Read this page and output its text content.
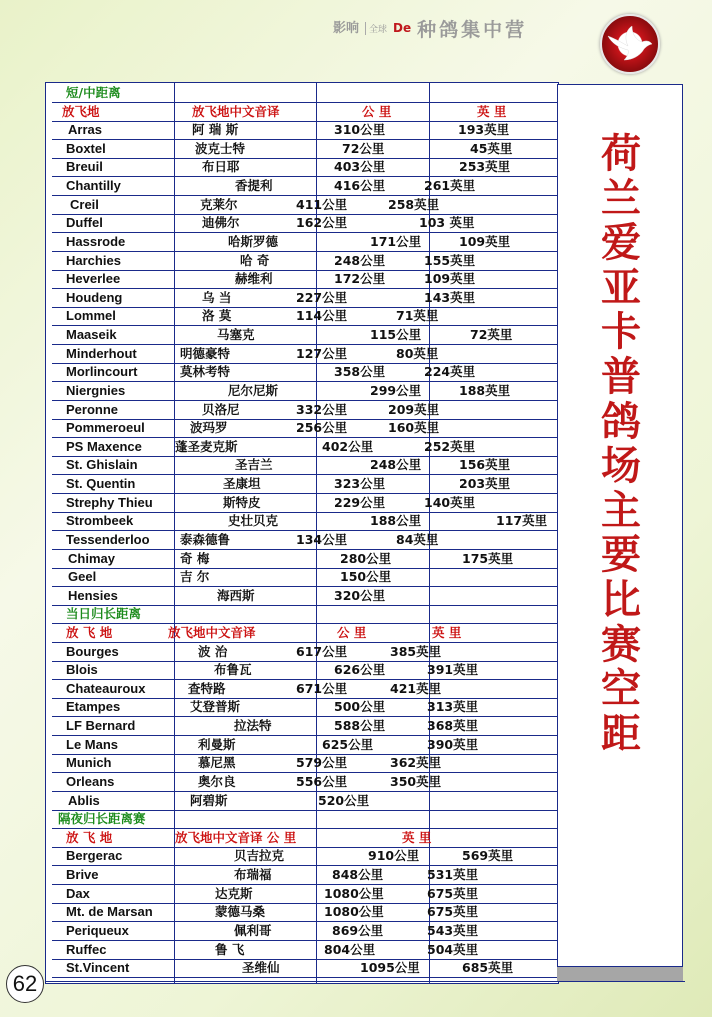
影响	全球 De 种鸽集中营
短/中距离
放飞地	放飞地中文音译	公 里	英 里
Arras	阿 瑞 斯	310公里	193英里
Boxtel	波克士特	72公里	45英里
Breuil	布日耶	403公里	253英里
Chantilly	香提利	416公里	261英里
Creil	克莱尔	411公里	258英里
Duffel	迪佛尔	162公里	103 英里
Hassrode	哈斯罗德	171公里	109英里
Harchies	哈 奇	248公里	155英里
Heverlee	赫维利	172公里	109英里
Houdeng	乌 当	227公里	143英里
Lommel	洛 莫	114公里	71英里
Maaseik	马塞克	115公里	72英里
Minderhout	明德豪特	127公里	80英里
Morlincourt	莫林考特	358公里	224英里
Niergnies	尼尔尼斯	299公里	188英里
Peronne	贝洛尼	332公里	209英里
Pommeroeul	波玛罗	256公里	160英里
PS Maxence	蓬圣麦克斯	402公里	252英里
St. Ghislain	圣吉兰	248公里	156英里
St. Quentin	圣康坦	323公里	203英里
Strephy Thieu	斯特皮	229公里	140英里
Strombeek	史壮贝克	188公里	117英里
Tessenderloo 泰森德鲁	134公里	84英里
Chimay	奇 梅	280公里	175英里
Geel	吉 尔	150公里
Hensies	海西斯	320公里
当日归长距离
放 飞 地	放飞地中文音译	公 里	英 里
Bourges	波 治	617公里	385英里
Blois	布鲁瓦	626公里	391英里
Chateauroux	查特路	671公里	421英里
Etampes	艾登普斯	500公里	313英里
LF Bernard	拉法特	588公里	368英里
Le Mans	利曼斯	625公里	390英里
Munich	慕尼黑	579公里	362英里
Orleans	奥尔良	556公里	350英里
Ablis	阿碧斯	520公里
隔夜归长距离赛
放 飞 地	放飞地中文音译 公 里	英 里
Bergerac	贝吉拉克	910公里	569英里
Brive	布瑞福	848公里	531英里
Dax	达克斯	1080公里	675英里
Mt. de Marsan	蒙德马桑	1080公里	675英里
Periqueux	佩利哥	869公里	543英里
Ruffec	鲁 飞	804公里	504英里
St.Vincent	圣维仙	1095公里	685英里
荷
兰
爱
亚
卡
普
鸽
场
主
要
比
赛
空
距
62
